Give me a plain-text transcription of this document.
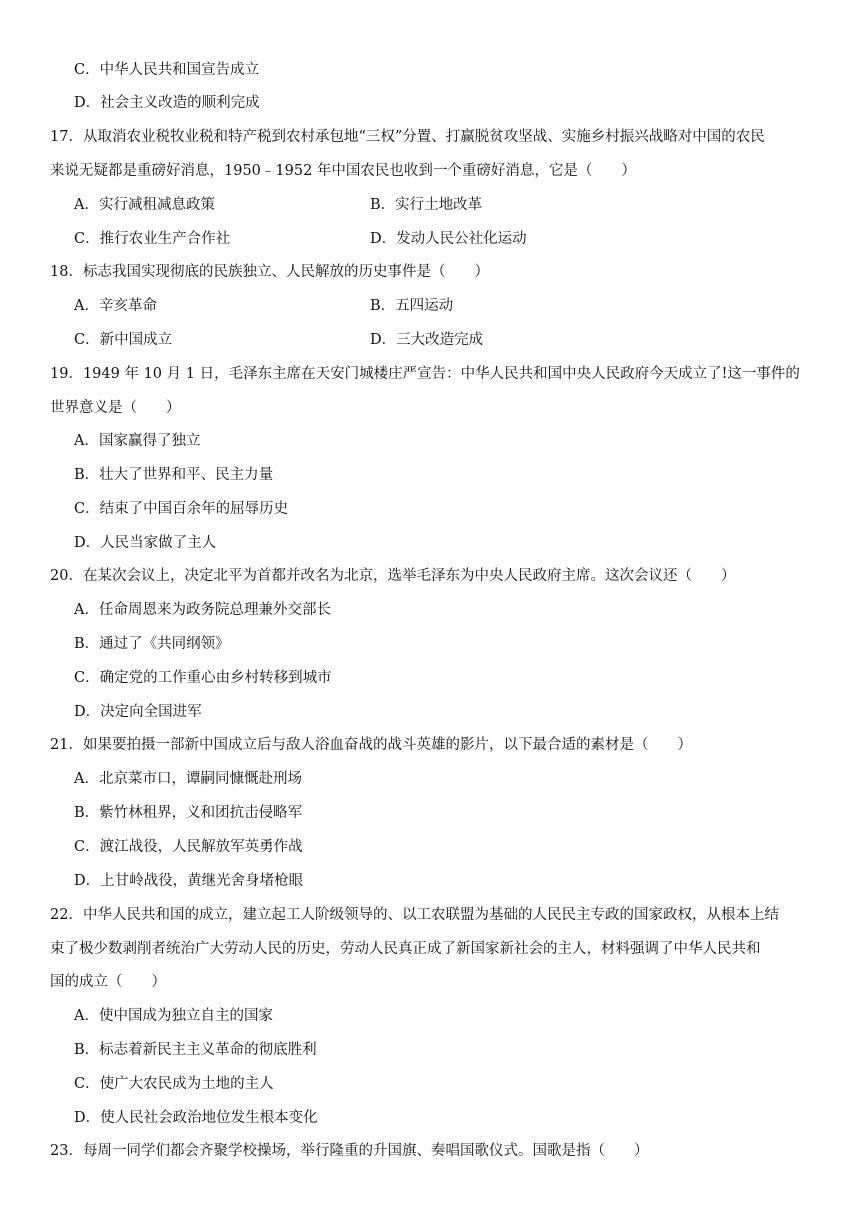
C．中华人民共和国宣告成立
D．社会主义改造的顺利完成
17．从取消农业税牧业税和特产税到农村承包地“三权”分置、打赢脱贫攻坚战、实施乡村振兴战略对中国的农民
来说无疑都是重磅好消息，1950﹣1952 年中国农民也收到一个重磅好消息，它是（　　）
A．实行减租减息政策	B．实行土地改革
C．推行农业生产合作社	D．发动人民公社化运动
18．标志我国实现彻底的民族独立、人民解放的历史事件是（　　）
A．辛亥革命	B．五四运动
C．新中国成立	D．三大改造完成
19．1949 年 10 月 1 日，毛泽东主席在天安门城楼庄严宣告：中华人民共和国中央人民政府今天成立了!这一事件的
世界意义是（　　）
A．国家赢得了独立
B．壮大了世界和平、民主力量
C．结束了中国百余年的屈辱历史
D．人民当家做了主人
20．在某次会议上，决定北平为首都并改名为北京，选举毛泽东为中央人民政府主席。这次会议还（　　）
A．任命周恩来为政务院总理兼外交部长
B．通过了《共同纲领》
C．确定党的工作重心由乡村转移到城市
D．决定向全国进军
21．如果要拍摄一部新中国成立后与敌人浴血奋战的战斗英雄的影片，以下最合适的素材是（　　）
A．北京菜市口，谭嗣同慷慨赴刑场
B．紫竹林租界，义和团抗击侵略军
C．渡江战役，人民解放军英勇作战
D．上甘岭战役，黄继光舍身堵枪眼
22．中华人民共和国的成立，建立起工人阶级领导的、以工农联盟为基础的人民民主专政的国家政权，从根本上结
束了极少数剥削者统治广大劳动人民的历史，劳动人民真正成了新国家新社会的主人，材料强调了中华人民共和
国的成立（　　）
A．使中国成为独立自主的国家
B．标志着新民主主义革命的彻底胜利
C．使广大农民成为土地的主人
D．使人民社会政治地位发生根本变化
23．每周一同学们都会齐聚学校操场，举行隆重的升国旗、奏唱国歌仪式。国歌是指（　　）
